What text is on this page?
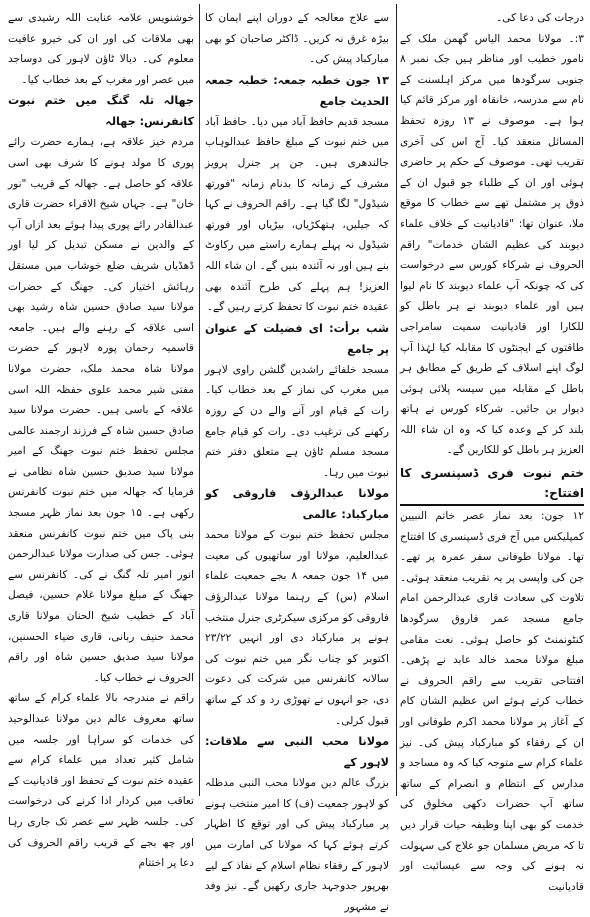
درجات کی دعا کی۔

۳:۔ مولانا محمد الیاس گھمن ملک کے نامور خطیب اور مناظر ہیں جک نمبر ۸ جنوبی سرگودھا میں مرکز اہلسنت کے نام سے مدرسہ، خانقاہ اور مرکز قائم کیا ہوا ہے۔ موصوف نے ۱۳ روزہ تحفظ المسائل منعقد کیا۔ آج اس کی آخری تقریب تھی۔ موصوف کے حکم پر حاضری ہوئی اور ان کے طلباء جو قبول ان کے ذوق پر مشتمل تھے سے خطاب کا موقع ملا، عنوان تھا: "قادیانیت کے خلاف علماء دیوبند کی عظیم الشان خدمات" راقم الحروف نے شرکاء کورس سے درخواست کی کہ چونکہ آپ علماء دیوبند کا نام لیوا ہیں اور علماء دیوبند نے ہر باطل کو للکارا اور قادیانیت سمیت سامراجی طاقتوں کے ایجنٹوں کا مقابلہ کیا لہٰذا آپ لوگ اپنے اسلاف کے طریق کے مطابق ہر باطل کے مقابلہ میں سیسہ پلائی ہوئی دیوار بن جائیں۔ شرکاء کورس نے ہاتھ بلند کر کے وعدہ کیا کہ وہ ان شاء اللہ العزیز ہر باطل کو للکاریں گے۔

ختم نبوت فری ڈسپنسری کا افتتاح:

۱۲ جون: بعد نماز عصر خاتم النبیین کمپلیکس میں آج فری ڈسپنسری کا افتتاح تھا۔ مولانا طوفانی سفر عمرہ پر تھے۔ جن کی واپسی پر یہ تقریب منعقد ہوئی۔ تلاوت کی سعادت قاری عبدالرحمن امام جامع مسجد عمر فاروق سرگودھا کنٹونمنٹ کو حاصل ہوئی۔ نعت مقامی مبلغ مولانا محمد خالد عابد نے پڑھی۔ افتتاحی تقریب سے راقم الحروف نے خطاب کرتے ہوئے اس عظیم الشان کام کے آغاز پر مولانا محمد اکرم طوفانی اور ان کے رفقاء کو مبارکباد پیش کی۔ نیز علماء کرام سے متوجہ کیا کہ وہ مساجد و مدارس کے انتظام و انصرام کے ساتھ ساتھ آپ حضرات دکھی مخلوق کی خدمت کو بھی اپنا وظیفہ حیات قرار دیں تا کہ مریض مسلمان جو علاج کی سہولت نہ ہونے کی وجہ سے عیسائیت اور قادیانیت

سے علاج معالجہ کے دوران اپنے ایمان کا بیڑہ غرق نہ کریں۔ ڈاکٹر صاحبان کو بھی مبارکباد پیش کی۔

۱۳ جون خطبہ جمعہ: خطبہ جمعہ الحدیث جامع

مسجد قدیم حافظ آباد میں دیا۔ حافظ آباد میں ختم نبوت کے مبلغ حافظ عبدالوہاب جالندھری ہیں۔ جن پر جنرل پرویز مشرف کے زمانہ کا بدنام زمانہ "فورتھ شیڈول" لگا گیا ہے۔ راقم الحروف نے کہا کہ جیلیں، ہتھکڑیاں، بیڑیاں اور فورتھ شیڈول نہ پہلے ہمارے راستے میں رکاوٹ بنے ہیں اور نہ آئندہ بنیں گے۔ ان شاء اللہ العزیز! ہم پہلے کی طرح آئندہ بھی عقیدہ ختم نبوت کا تحفظ کرتے رہیں گے۔

شب برأت: ای فضیلت کے عنوان پر جامع

مسجد خلفائے راشدین گلشن راوی لاہور میں مغرب کی نماز کے بعد خطاب کیا۔ رات کے قیام اور آنے والے دن کے روزہ رکھنے کی ترغیب دی۔ رات کو قیام جامع مسجد مسلم ٹاؤن ہے متعلق دفتر ختم نبوت میں رہا۔

مولانا عبدالرؤف فاروقی کو مبارکباد: عالمی

مجلس تحفظ ختم نبوت کے مولانا محمد عبدالعلیم، مولانا اور ساتھیوں کی معیت میں ۱۴ جون جمعہ ۸ بجے جمعیت علماء اسلام (س) کے رہنما مولانا عبدالرؤف فاروقی کو مرکزی سیکرٹری جنرل منتخب ہونے پر مبارکباد دی اور انہیں ۲۳/۲۲ اکتوبر کو چناب نگر میں ختم نبوت کی سالانہ کانفرنس میں شرکت کی دعوت دی، جو انہوں نے تھوڑی رد و کد کے ساتھ قبول کرلی۔

مولانا محب النبی سے ملاقات: لاہور کے

بزرگ عالم دین مولانا محب النبی مدظلہ کو لاہور جمعیت (ف) کا امیر منتخب ہونے پر مبارکباد پیش کی اور توقع کا اظہار کرتے ہوئے کہا کہ مولانا کی امارت میں لاہور کے رفقاء نظام اسلام کے نفاذ کے لیے بھرپور جدوجہد جاری رکھیں گے۔ نیز وفد نے مشہور

خوشنویس علامہ عنایت اللہ رشیدی سے بھی ملاقات کی اور ان کی خیرو عافیت معلوم کی۔ دیالا ٹاؤن لاہور کی دوساجد میں عصر اور مغرب کے بعد خطاب کیا۔

جھالہ تلہ گنگ میں ختم نبوت کانفرنس: جھالہ

مردم خیز علاقہ ہے، ہمارے حضرت رائے پوری کا مولد ہونے کا شرف بھی اسی علاقہ کو حاصل ہے۔ جھالہ کے قریب "نور خان" ہے۔ جہاں شیخ الاقراء حضرت قاری عبدالقادر رائے پوری پیدا ہوئے بعد ازاں آپ کے والدین نے مسکن تبدیل کر لیا اور ڈھڈیاں شریف ضلع خوشاب میں مستقل رہائش اختیار کی۔ جھنگ کے حضرات مولانا سید صادق حسین شاہ رشید بھی اسی علاقہ کے رہنے والے ہیں۔ جامعہ قاسمیہ رحمان پورہ لاہور کے حضرت مولانا شاہ محمد ملک، حضرت مولانا مفتی شیر محمد علوی حفظہ اللہ اسی علاقہ کے باسی ہیں۔ حضرت مولانا سید صادق حسین شاہ کے فرزند ارجمند عالمی مجلس تحفظ ختم نبوت جھنگ کے امیر مولانا سید صدیق حسین شاہ نظامی نے فرمایا کہ جھالہ میں ختم نبوت کانفرنس رکھی ہے۔ ۱۵ جون بعد نماز ظہر مسجد بنی پاک میں ختم نبوت کانفرنس منعقد ہوئی۔ جس کی صدارت مولانا عبدالرحمن انور امیر تلہ گنگ نے کی۔ کانفرنس سے جھنگ کے مبلغ مولانا غلام حسین، فیصل آباد کے خطیب شیخ الحنان مولانا قاری محمد حنیف ربانی، قاری ضیاء الحسنین، مولانا سید صدیق حسین شاہ اور راقم الحروف نے خطاب کیا۔

راقم نے مندرجہ بالا علماء کرام کے ساتھ ساتھ معروف عالم دین مولانا عبدالوحید کی خدمات کو سراہا اور جلسہ میں شامل کثیر تعداد میں علماء کرام سے عقیدہ ختم نبوت کے تحفظ اور قادیانیت کے تعاقب میں کردار ادا کرنے کی درخواست کی۔ جلسہ ظہر سے عصر تک جاری رہا اور چھ بجے کے قریب راقم الحروف کی دعا پر اختتام
